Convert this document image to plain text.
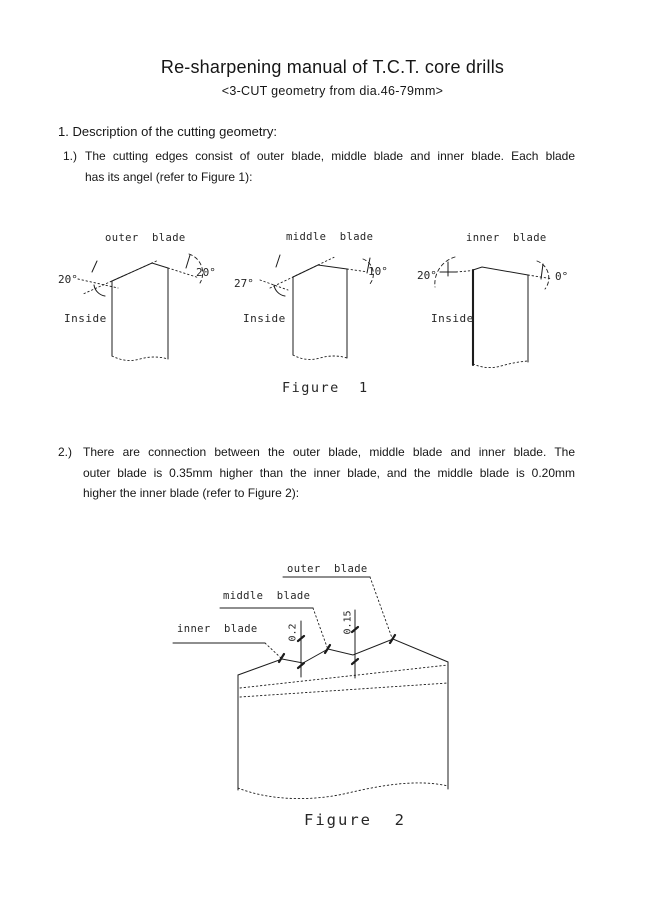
Re-sharpening manual of T.C.T. core drills
<3-CUT geometry from dia.46-79mm>
1. Description of the cutting geometry:
1.) The cutting edges consist of outer blade, middle blade and inner blade. Each blade
has its angel (refer to Figure 1):
outer  blade
20°
20°
Inside
middle  blade
27°
10°
Inside
inner  blade
20°	0°
Inside
Figure  1
2.) There are connection between the outer blade, middle blade and inner blade. The
outer blade is 0.35mm higher than the inner blade, and the middle blade is 0.20mm
higher the inner blade (refer to Figure 2):
outer  blade
middle  blade
inner  blade	0.2	0.15
Figure  2
